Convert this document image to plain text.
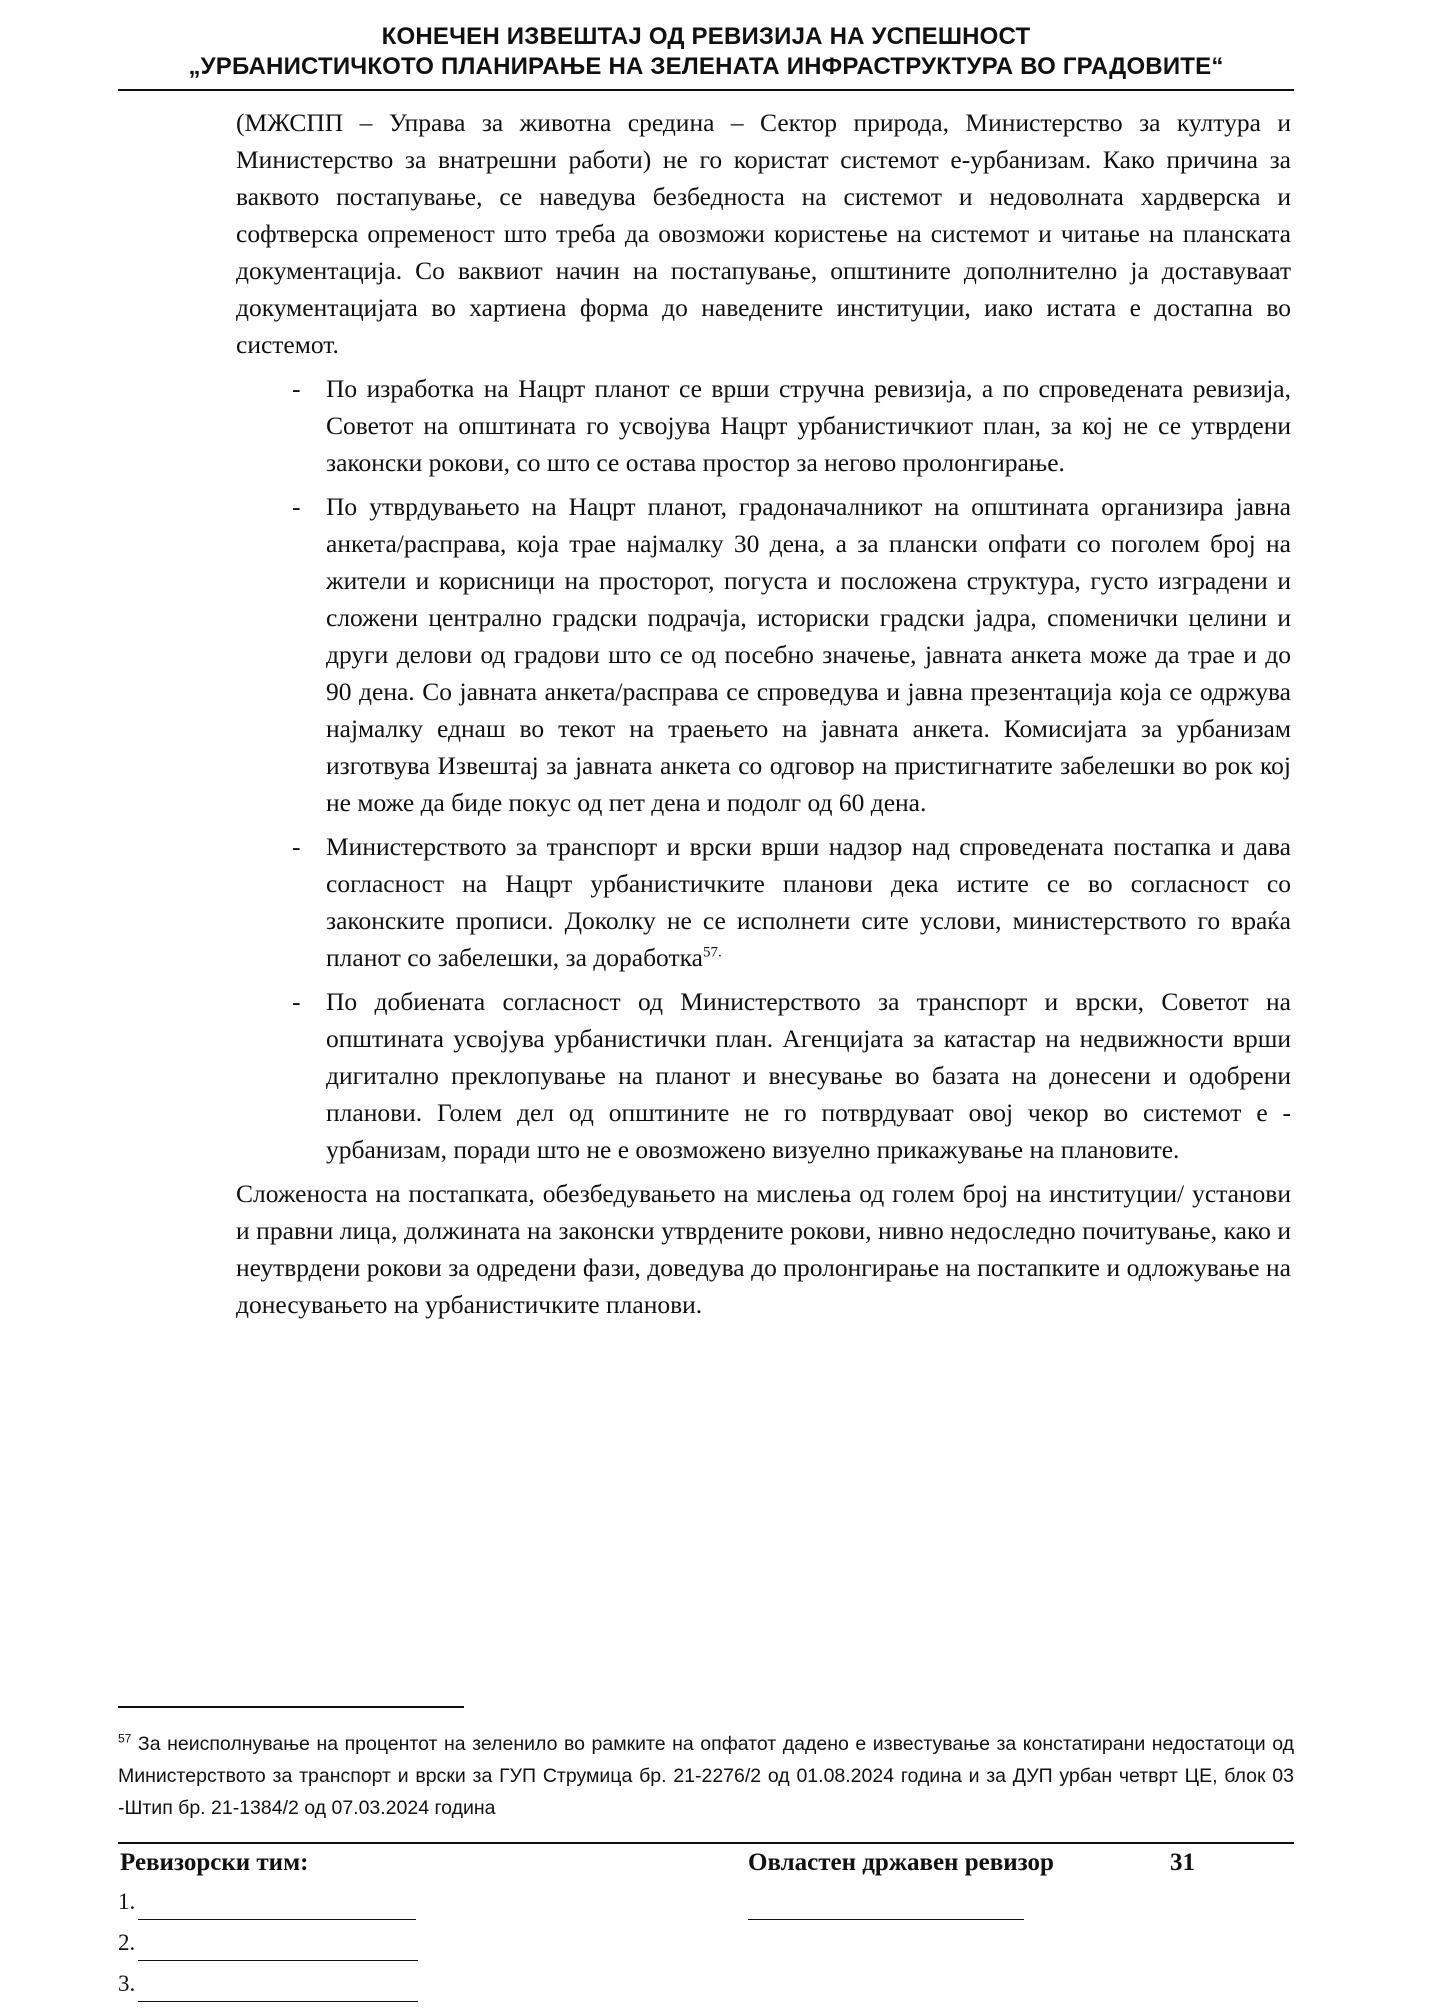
КОНЕЧЕН ИЗВЕШТАЈ ОД РЕВИЗИЈА НА УСПЕШНОСТ
„УРБАНИСТИЧКОТО ПЛАНИРАЊЕ НА ЗЕЛЕНАТА ИНФРАСТРУКТУРА ВО ГРАДОВИТЕ“

(МЖСПП – Управа за животна средина – Сектор природа, Министерство за култура и Министерство за внатрешни работи) не го користат системот е-урбанизам. Како причина за ваквото постапување, се наведува безбедноста на системот и недоволната хардверска и софтверска опременост што треба да овозможи користење на системот и читање на планската документација. Со ваквиот начин на постапување, општините дополнително ја доставуваат документацијата во хартиена форма до наведените институции, иако истата е достапна во системот.

- По изработка на Нацрт планот се врши стручна ревизија, а по спроведената ревизија, Советот на општината го усвојува Нацрт урбанистичкиот план, за кој не се утврдени законски рокови, со што се остава простор за негово пролонгирање.
- По утврдувањето на Нацрт планот, градоначалникот на општината организира јавна анкета/расправа, која трае најмалку 30 дена, а за плански опфати со поголем број на жители и корисници на просторот, погуста и посложена структура, густо изградени и сложени централно градски подрачја, историски градски јадра, споменички целини и други делови од градови што се од посебно значење, јавната анкета може да трае и до 90 дена. Со јавната анкета/расправа се спроведува и јавна презентација која се одржува најмалку еднаш во текот на траењето на јавната анкета. Комисијата за урбанизам изготвува Извештај за јавната анкета со одговор на пристигнатите забелешки во рок кој не може да биде покус од пет дена и подолг од 60 дена.
- Министерството за транспорт и врски врши надзор над спроведената постапка и дава согласност на Нацрт урбанистичките планови дека истите се во согласност со законските прописи. Доколку не се исполнети сите услови, министерството го враќа планот со забелешки, за доработка$^{57.}$
- По добиената согласност од Министерството за транспорт и врски, Советот на општината усвојува урбанистички план. Агенцијата за катастар на недвижности врши дигитално преклопување на планот и внесување во базата на донесени и одобрени планови. Голем дел од општините не го потврдуваат овој чекор во системот е - урбанизам, поради што не е овозможено визуелно прикажување на плановите.

Сложеноста на постапката, обезбедувањето на мислења од голем број на институции/ установи и правни лица, должината на законски утврдените рокови, нивно недоследно почитување, како и неутврдени рокови за одредени фази, доведува до пролонгирање на постапките и одложување на донесувањето на урбанистичките планови.

$^{57}$ За неисполнување на процентот на зеленило во рамките на опфатот дадено е известување за констатирани недостатоци од Министерството за транспорт и врски за ГУП Струмица бр. 21-2276/2 од 01.08.2024 година и за ДУП урбан четврт ЦЕ, блок 03 -Штип бр. 21-1384/2 од 07.03.2024 година
Ревизорски тим:	Овластен државен ревизор	31
1.
2.
3.
